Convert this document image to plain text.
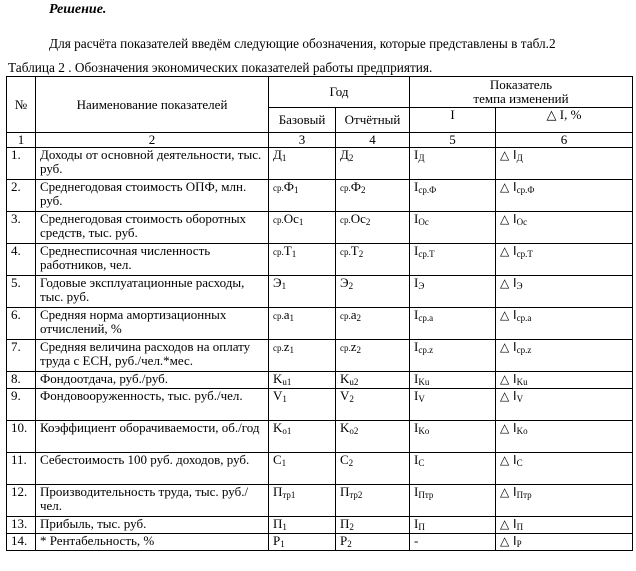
Решение.
Для расчёта показателей введём следующие обозначения, которые представлены в табл.2
Таблица 2 . Обозначения экономических показателей работы предприятия.
№	Наименование показателей	Год		Показатель
темпа изменений	
		Базовый	Отчётный	I	△ I, %
1	2	3	4	5	6
1.	Доходы от основной деятельности, тыс. руб.	$Д_1$	$Д_2$	$I_Д$	△ $I_Д$
2.	Среднегодовая стоимость ОПФ, млн. руб.	$ср.Ф_1$	$ср.Ф_2$	$I_{ср.Ф}$	△ $I_{ср.Ф}$
3.	Среднегодовая стоимость оборотных средств, тыс. руб.	$ср.Ос_1$	$ср.Ос_2$	$I_{Ос}$	△ $I_{Ос}$
4.	Среднесписочная численность работников, чел.	$ср.Т_1$	$ср.Т_2$	$I_{ср.Т}$	△ $I_{ср.Т}$
5.	Годовые эксплуатационные расходы, тыс. руб.	$Э_1$	$Э_2$	$I_Э$	△ $I_Э$
6.	Средняя норма амортизационных отчислений, %	$ср.а_1$	$ср.а_2$	$I_{ср.а}$	△ $I_{ср.а}$
7.	Средняя величина расходов на оплату труда с ЕСН, руб./чел.*мес.	$ср.z_1$	$ср.z_2$	$I_{ср.z}$	△ $I_{ср.z}$
8.	Фондоотдача, руб./руб.	$K_{u1}$	$K_{u2}$	$I_{Ku}$	△ $I_{Ku}$
9.	Фондовооруженность, тыс. руб./чел.	$V_1$	$V_2$	$I_V$	△ $I_V$
10.	Коэффициент оборачиваемости, об./год	$K_{o1}$	$K_{o2}$	$I_{Ko}$	△ $I_{Ko}$
11.	Себестоимость 100 руб. доходов, руб.	$С_1$	$С_2$	$I_C$	△ $I_C$
12.	Производительность труда, тыс. руб./чел.	$П_{тр1}$	$П_{тр2}$	$I_{Птр}$	△ $I_{Птр}$
13.	Прибыль, тыс. руб.	$П_1$	$П_2$	$I_П$	△ $I_П$
14.	* Рентабельность, %	$Р_1$	$Р_2$	-	△ $I_Р$
